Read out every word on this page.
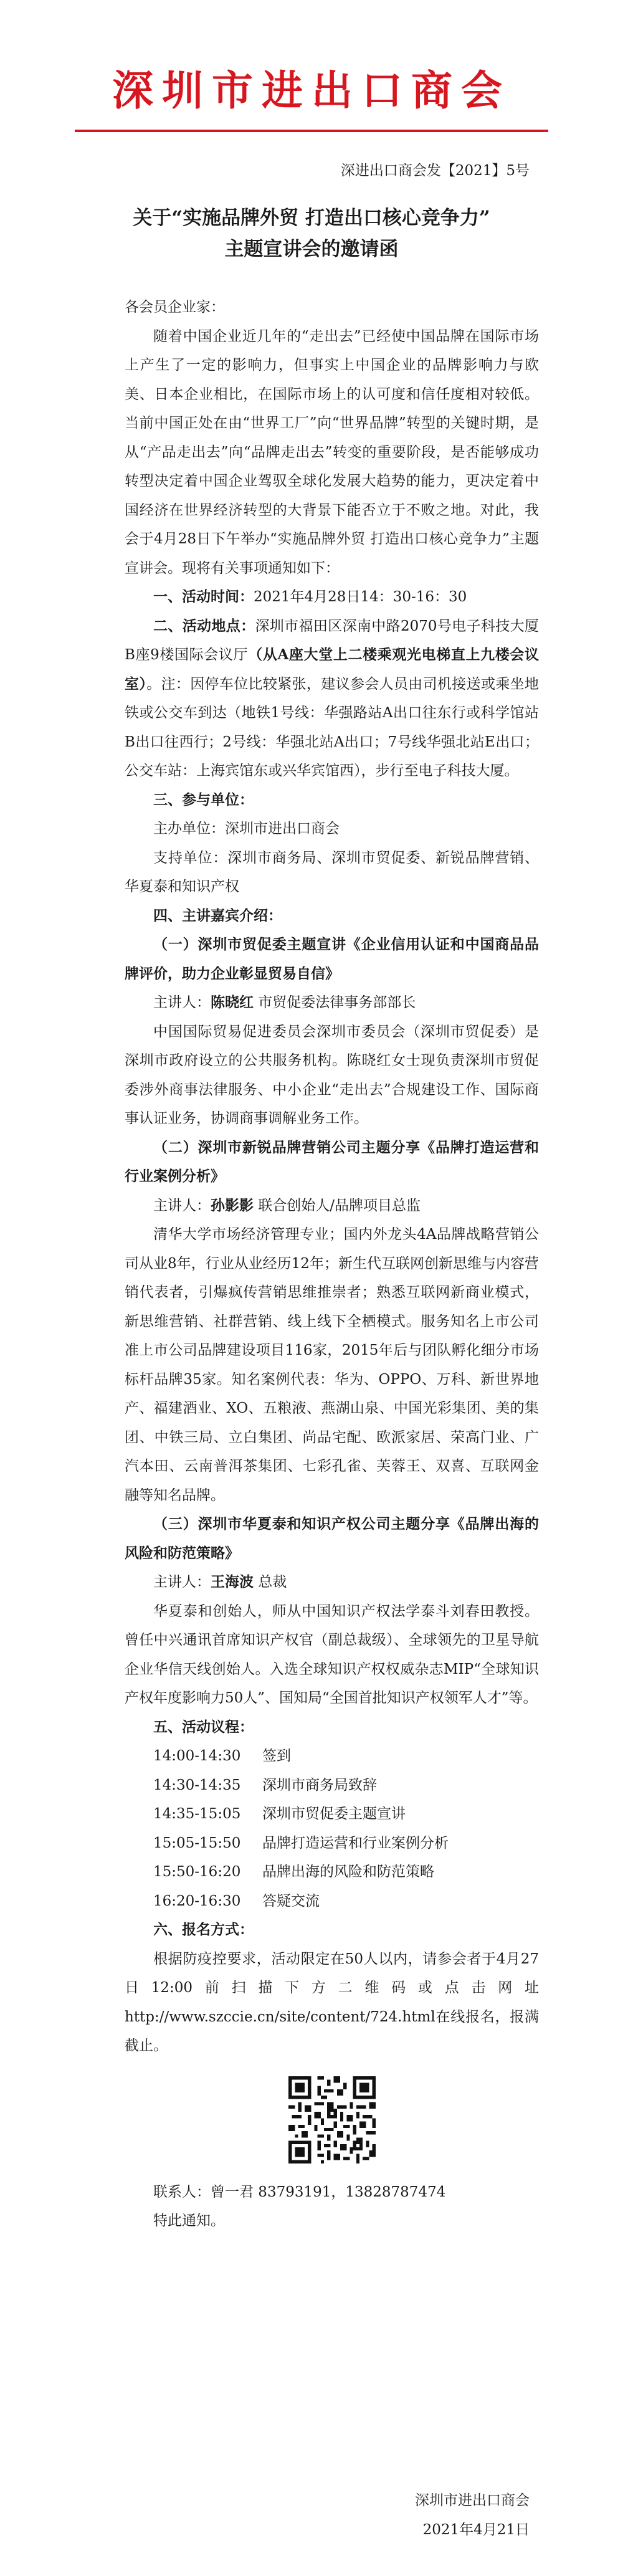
深圳市进出口商会
深进出口商会发【2021】5号
关于“实施品牌外贸 打造出口核心竞争力”
主题宣讲会的邀请函

各会员企业家：

随着中国企业近几年的“走出去”已经使中国品牌在国际市场上产生了一定的影响力，但事实上中国企业的品牌影响力与欧美、日本企业相比，在国际市场上的认可度和信任度相对较低。当前中国正处在由“世界工厂”向“世界品牌”转型的关键时期，是从“产品走出去”向“品牌走出去”转变的重要阶段，是否能够成功转型决定着中国企业驾驭全球化发展大趋势的能力，更决定着中国经济在世界经济转型的大背景下能否立于不败之地。对此，我会于4月28日下午举办“实施品牌外贸 打造出口核心竞争力”主题宣讲会。现将有关事项通知如下：

一、活动时间：2021年4月28日14：30-16：30

二、活动地点：深圳市福田区深南中路2070号电子科技大厦B座9楼国际会议厅（从A座大堂上二楼乘观光电梯直上九楼会议室）。注：因停车位比较紧张，建议参会人员由司机接送或乘坐地铁或公交车到达（地铁1号线：华强路站A出口往东行或科学馆站B出口往西行；2号线：华强北站A出口；7号线华强北站E出口；公交车站：上海宾馆东或兴华宾馆西），步行至电子科技大厦。

三、参与单位：

主办单位：深圳市进出口商会

支持单位：深圳市商务局、深圳市贸促委、新锐品牌营销、华夏泰和知识产权

四、主讲嘉宾介绍：

（一）深圳市贸促委主题宣讲《企业信用认证和中国商品品牌评价，助力企业彰显贸易自信》

主讲人：陈晓红 市贸促委法律事务部部长

中国国际贸易促进委员会深圳市委员会（深圳市贸促委）是深圳市政府设立的公共服务机构。陈晓红女士现负责深圳市贸促委涉外商事法律服务、中小企业“走出去”合规建设工作、国际商事认证业务，协调商事调解业务工作。

（二）深圳市新锐品牌营销公司主题分享《品牌打造运营和行业案例分析》

主讲人：孙影影 联合创始人/品牌项目总监

清华大学市场经济管理专业；国内外龙头4A品牌战略营销公司从业8年，行业从业经历12年；新生代互联网创新思维与内容营销代表者，引爆疯传营销思维推崇者；熟悉互联网新商业模式，新思维营销、社群营销、线上线下全栖模式。服务知名上市公司准上市公司品牌建设项目116家，2015年后与团队孵化细分市场标杆品牌35家。知名案例代表：华为、OPPO、万科、新世界地产、福建酒业、XO、五粮液、燕湖山泉、中国光彩集团、美的集团、中铁三局、立白集团、尚品宅配、欧派家居、荣高门业、广汽本田、云南普洱茶集团、七彩孔雀、芙蓉王、双喜、互联网金融等知名品牌。

（三）深圳市华夏泰和知识产权公司主题分享《品牌出海的风险和防范策略》

主讲人：王海波 总裁

华夏泰和创始人，师从中国知识产权法学泰斗刘春田教授。曾任中兴通讯首席知识产权官（副总裁级）、全球领先的卫星导航企业华信天线创始人。入选全球知识产权权威杂志MIP“全球知识产权年度影响力50人”、国知局“全国首批知识产权领军人才”等。

五、活动议程：

14:00-14:30	签到
14:30-14:35	深圳市商务局致辞
14:35-15:05	深圳市贸促委主题宣讲
15:05-15:50	品牌打造运营和行业案例分析
15:50-16:20	品牌出海的风险和防范策略
16:20-16:30	答疑交流

六、报名方式：

根据防疫控要求，活动限定在50人以内，请参会者于4月27日12:00前扫描下方二维码或点击网址http://www.szccie.cn/site/content/724.html在线报名，报满截止。

联系人：曾一君 83793191，13828787474

特此通知。

深圳市进出口商会
2021年4月21日
